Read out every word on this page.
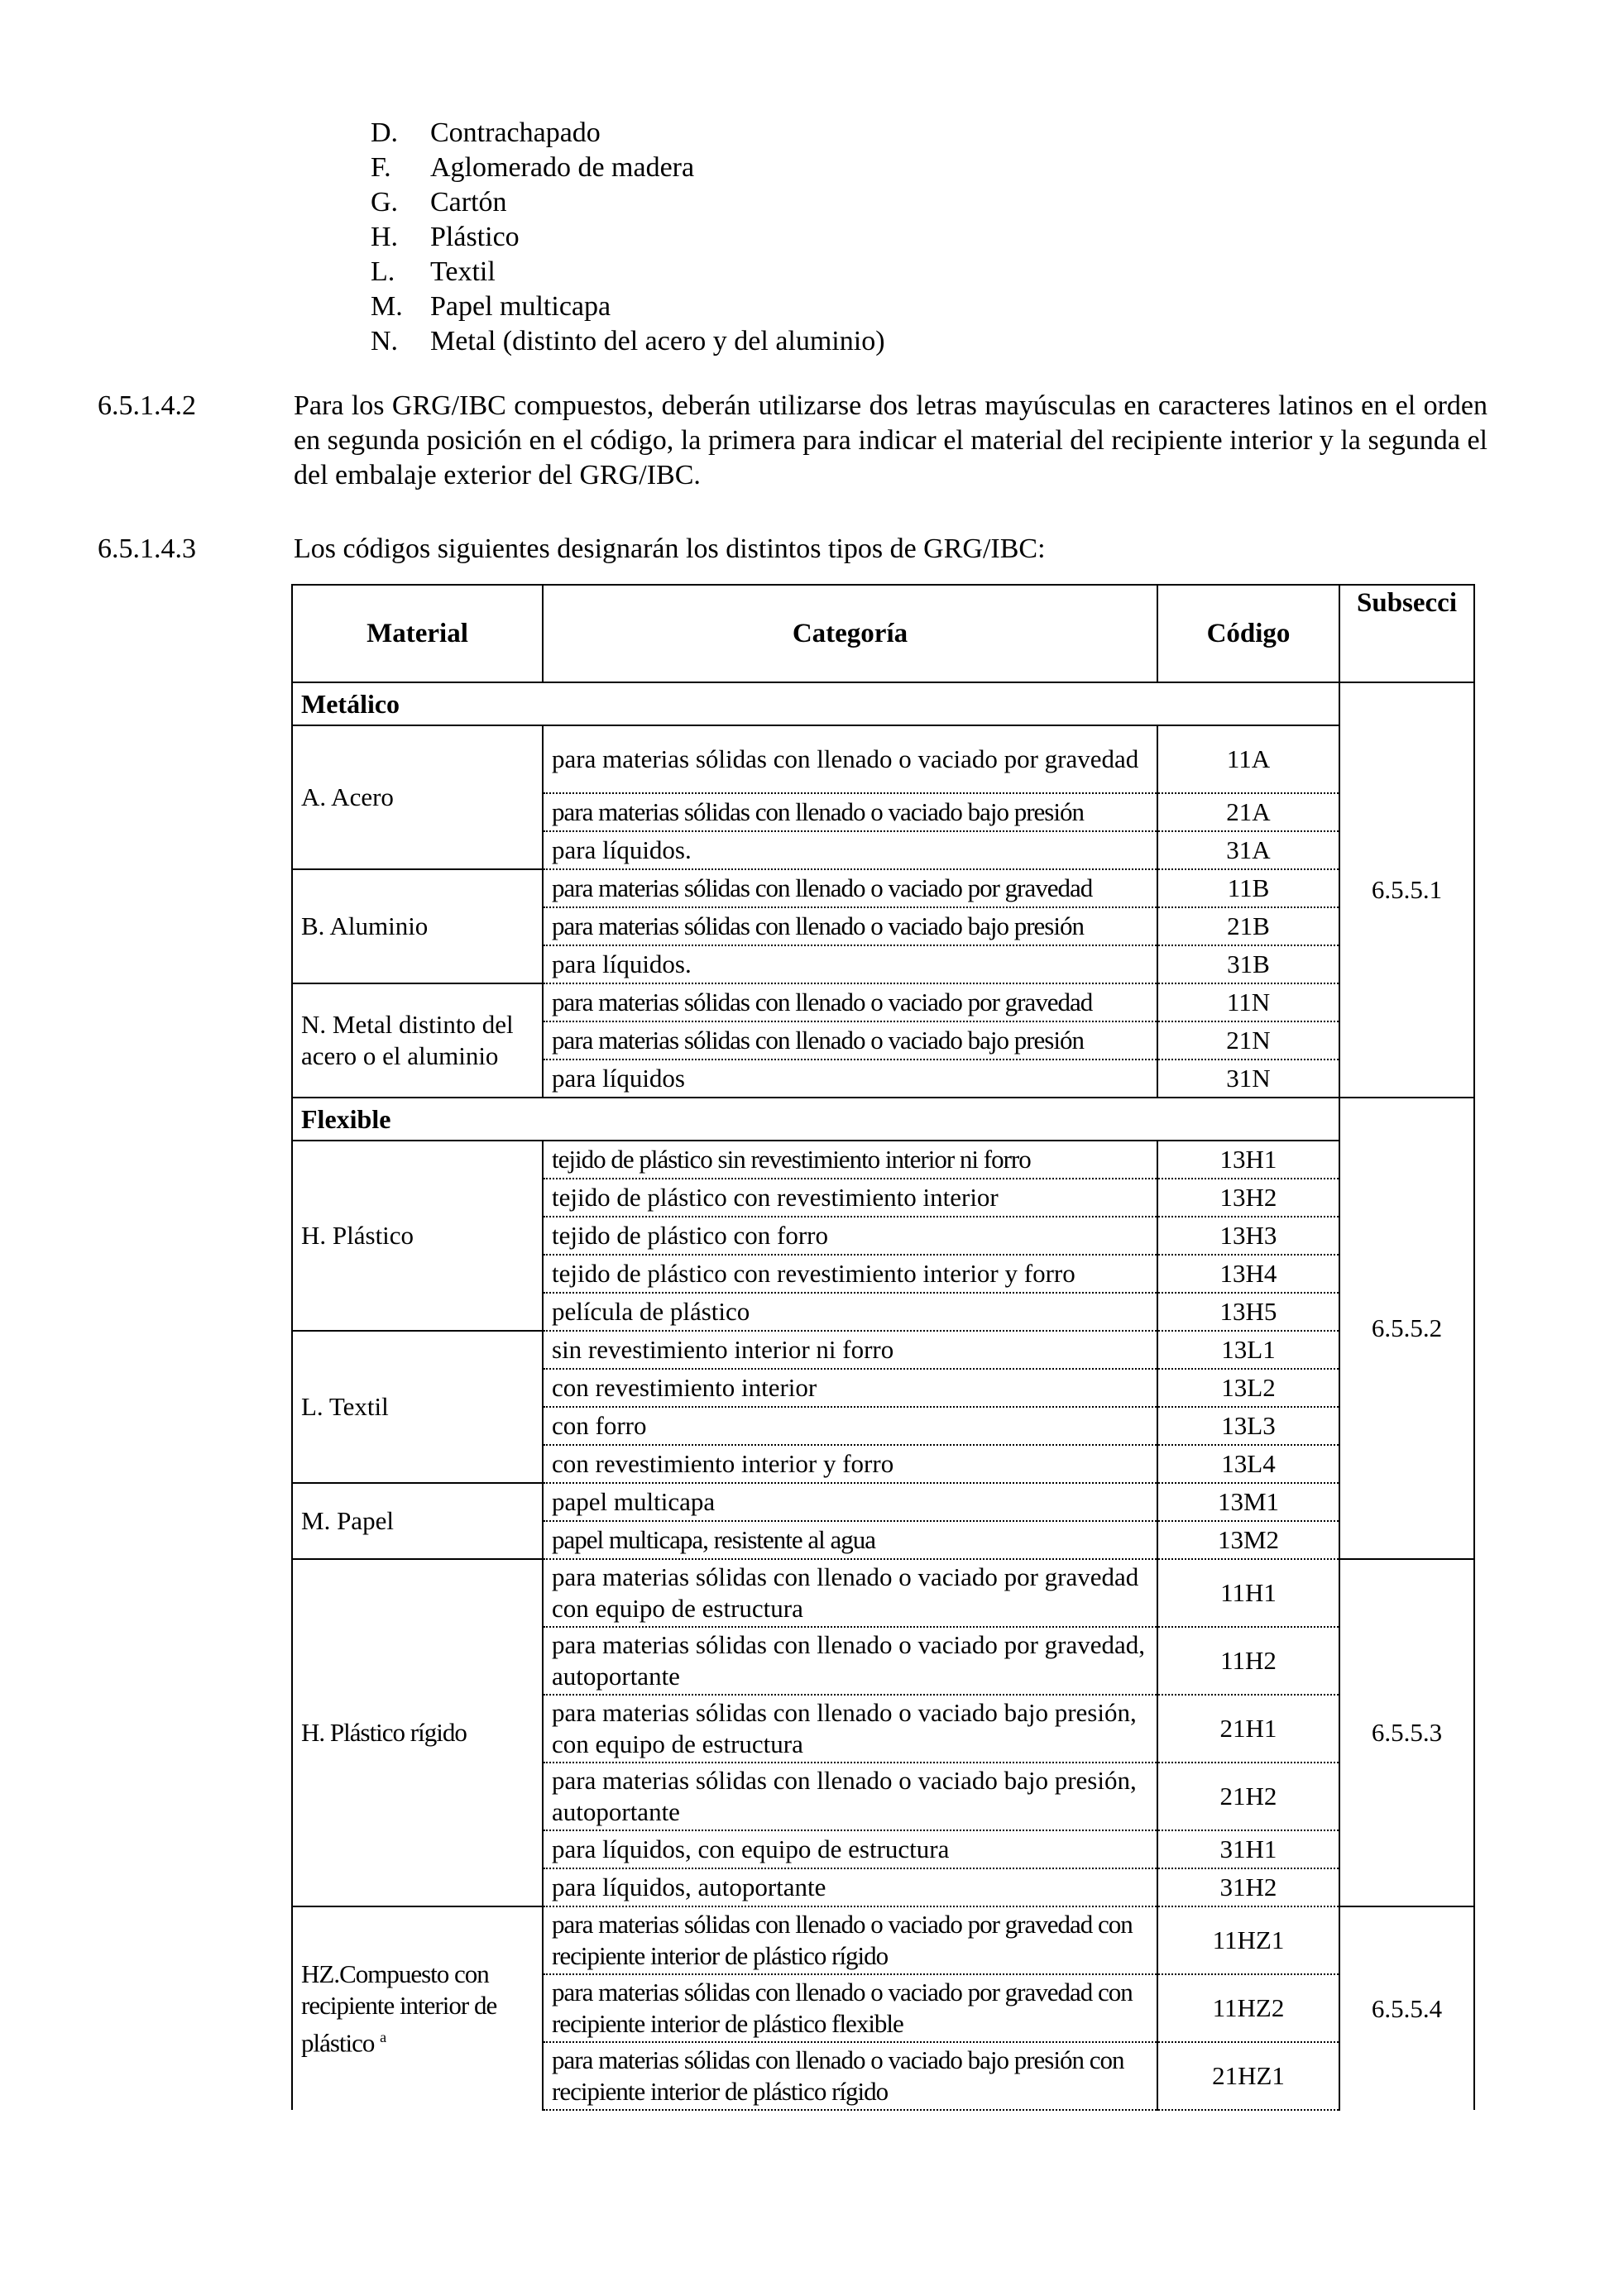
D. Contrachapado
F. Aglomerado de madera
G. Cartón
H. Plástico
L. Textil
M. Papel multicapa
N. Metal (distinto del acero y del aluminio)
6.5.1.4.2	Para los GRG/IBC compuestos, deberán utilizarse dos letras mayúsculas en caracteres latinos en el orden en segunda posición en el código, la primera para indicar el material del recipiente interior y la segunda el del embalaje exterior del GRG/IBC.
6.5.1.4.3	Los códigos siguientes designarán los distintos tipos de GRG/IBC:
Material	Categoría	Código	Subsecci
Metálico			6.5.5.1
A. Acero	para materias sólidas con llenado o vaciado por gravedad	11A	
	para materias sólidas con llenado o vaciado bajo presión	21A	
	para líquidos.	31A	
B. Aluminio	para materias sólidas con llenado o vaciado por gravedad	11B	
	para materias sólidas con llenado o vaciado bajo presión	21B	
	para líquidos.	31B	
N. Metal distinto del acero o el aluminio	para materias sólidas con llenado o vaciado por gravedad	11N	
	para materias sólidas con llenado o vaciado bajo presión	21N	
	para líquidos	31N	
Flexible			6.5.5.2
H. Plástico	tejido de plástico sin revestimiento interior ni forro	13H1	
	tejido de plástico con revestimiento interior	13H2	
	tejido de plástico con forro	13H3	
	tejido de plástico con revestimiento interior y forro	13H4	
	película de plástico	13H5	
L. Textil	sin revestimiento interior ni forro	13L1	
	con revestimiento interior	13L2	
	con forro	13L3	
	con revestimiento interior y forro	13L4	
M. Papel	papel multicapa	13M1	
	papel multicapa, resistente al agua	13M2	
H. Plástico rígido	para materias sólidas con llenado o vaciado por gravedad con equipo de estructura	11H1	6.5.5.3
	para materias sólidas con llenado o vaciado por gravedad, autoportante	11H2	
	para materias sólidas con llenado o vaciado bajo presión, con equipo de estructura	21H1	
	para materias sólidas con llenado o vaciado bajo presión, autoportante	21H2	
	para líquidos, con equipo de estructura	31H1	
	para líquidos, autoportante	31H2	
HZ.Compuesto con recipiente interior de plástico $^a$	para materias sólidas con llenado o vaciado por gravedad con recipiente interior de plástico rígido	11HZ1	6.5.5.4
	para materias sólidas con llenado o vaciado por gravedad con recipiente interior de plástico flexible	11HZ2	
	para materias sólidas con llenado o vaciado bajo presión con recipiente interior de plástico rígido	21HZ1	
